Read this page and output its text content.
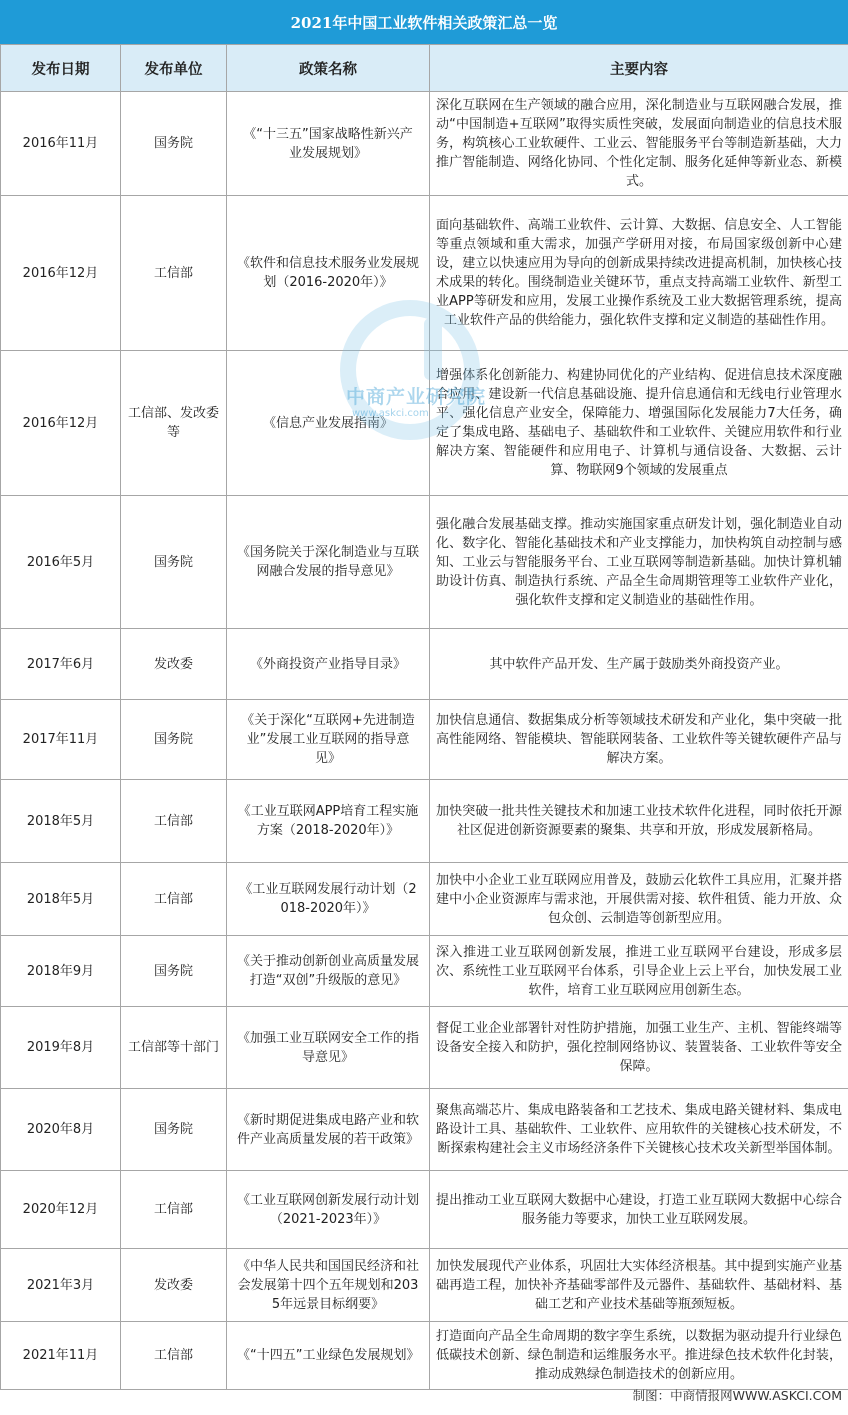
2021年中国工业软件相关政策汇总一览
发布日期	发布单位	政策名称	主要内容
2016年11月	国务院	《“十三五”国家战略性新兴产业发展规划》	深化互联网在生产领域的融合应用，深化制造业与互联网融合发展，推动“中国制造+互联网”取得实质性突破，发展面向制造业的信息技术服务，构筑核心工业软硬件、工业云、智能服务平台等制造新基础，大力推广智能制造、网络化协同、个性化定制、服务化延伸等新业态、新模式。
2016年12月	工信部	《软件和信息技术服务业发展规划（2016-2020年）》	面向基础软件、高端工业软件、云计算、大数据、信息安全、人工智能等重点领域和重大需求，加强产学研用对接，布局国家级创新中心建设，建立以快速应用为导向的创新成果持续改进提高机制，加快核心技术成果的转化。围绕制造业关键环节，重点支持高端工业软件、新型工业APP等研发和应用，发展工业操作系统及工业大数据管理系统，提高工业软件产品的供给能力，强化软件支撑和定义制造的基础性作用。
2016年12月	工信部、发改委等	《信息产业发展指南》	增强体系化创新能力、构建协同优化的产业结构、促进信息技术深度融合应用、建设新一代信息基础设施、提升信息通信和无线电行业管理水平、强化信息产业安全，保障能力、增强国际化发展能力7大任务，确定了集成电路、基础电子、基础软件和工业软件、关键应用软件和行业解决方案、智能硬件和应用电子、计算机与通信设备、大数据、云计算、物联网9个领域的发展重点
2016年5月	国务院	《国务院关于深化制造业与互联网融合发展的指导意见》	强化融合发展基础支撑。推动实施国家重点研发计划，强化制造业自动化、数字化、智能化基础技术和产业支撑能力，加快构筑自动控制与感知、工业云与智能服务平台、工业互联网等制造新基础。加快计算机辅助设计仿真、制造执行系统、产品全生命周期管理等工业软件产业化，强化软件支撑和定义制造业的基础性作用。
2017年6月	发改委	《外商投资产业指导目录》	其中软件产品开发、生产属于鼓励类外商投资产业。
2017年11月	国务院	《关于深化“互联网+先进制造业”发展工业互联网的指导意见》	加快信息通信、数据集成分析等领域技术研发和产业化，集中突破一批高性能网络、智能模块、智能联网装备、工业软件等关键软硬件产品与解决方案。
2018年5月	工信部	《工业互联网APP培育工程实施方案（2018-2020年）》	加快突破一批共性关键技术和加速工业技术软件化进程，同时依托开源社区促进创新资源要素的聚集、共享和开放，形成发展新格局。
2018年5月	工信部	《工业互联网发展行动计划（2018-2020年）》	加快中小企业工业互联网应用普及，鼓励云化软件工具应用，汇聚并搭建中小企业资源库与需求池，开展供需对接、软件租赁、能力开放、众包众创、云制造等创新型应用。
2018年9月	国务院	《关于推动创新创业高质量发展打造“双创”升级版的意见》	深入推进工业互联网创新发展，推进工业互联网平台建设，形成多层次、系统性工业互联网平台体系，引导企业上云上平台，加快发展工业软件，培育工业互联网应用创新生态。
2019年8月	工信部等十部门	《加强工业互联网安全工作的指导意见》	督促工业企业部署针对性防护措施，加强工业生产、主机、智能终端等设备安全接入和防护，强化控制网络协议、装置装备、工业软件等安全保障。
2020年8月	国务院	《新时期促进集成电路产业和软件产业高质量发展的若干政策》	聚焦高端芯片、集成电路装备和工艺技术、集成电路关键材料、集成电路设计工具、基础软件、工业软件、应用软件的关键核心技术研发，不断探索构建社会主义市场经济条件下关键核心技术攻关新型举国体制。
2020年12月	工信部	《工业互联网创新发展行动计划（2021-2023年）》	提出推动工业互联网大数据中心建设，打造工业互联网大数据中心综合服务能力等要求，加快工业互联网发展。
2021年3月	发改委	《中华人民共和国国民经济和社会发展第十四个五年规划和2035年远景目标纲要》	加快发展现代产业体系，巩固壮大实体经济根基。其中提到实施产业基础再造工程，加快补齐基础零部件及元器件、基础软件、基础材料、基础工艺和产业技术基础等瓶颈短板。
2021年11月	工信部	《“十四五”工业绿色发展规划》	打造面向产品全生命周期的数字孪生系统，以数据为驱动提升行业绿色低碳技术创新、绿色制造和运维服务水平。推进绿色技术软件化封装，推动成熟绿色制造技术的创新应用。
中商产业研究院
www.askci.com
制图：中商情报网WWW.ASKCI.COM
